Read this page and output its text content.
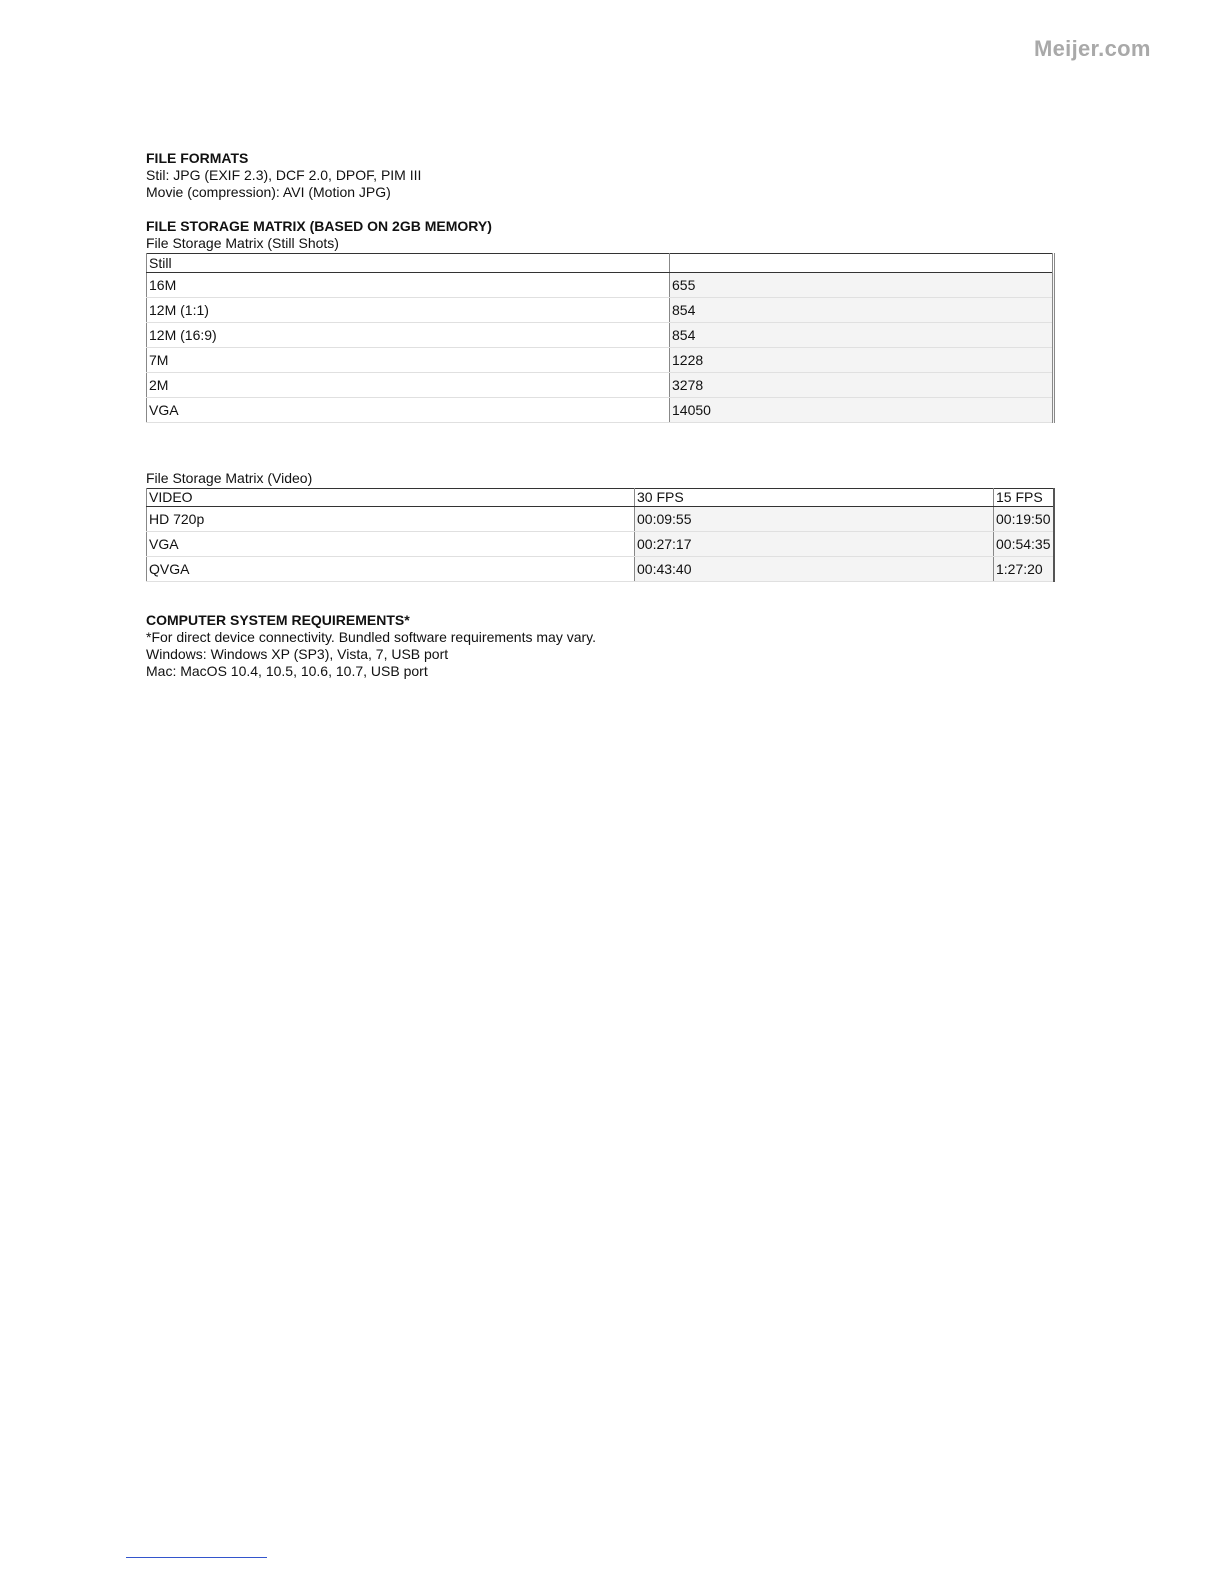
Meijer.com
FILE FORMATS
Stil: JPG (EXIF 2.3), DCF 2.0, DPOF, PIM III
Movie (compression): AVI (Motion JPG)
FILE STORAGE MATRIX (BASED ON 2GB MEMORY)
File Storage Matrix (Still Shots)
Still	
16M	655
12M (1:1)	854
12M (16:9)	854
7M	1228
2M	3278
VGA	14050
File Storage Matrix (Video)
VIDEO	30 FPS	15 FPS
HD 720p	00:09:55	00:19:50
VGA	00:27:17	00:54:35
QVGA	00:43:40	1:27:20
COMPUTER SYSTEM REQUIREMENTS*
*For direct device connectivity. Bundled software requirements may vary.
Windows: Windows XP (SP3), Vista, 7, USB port
Mac: MacOS 10.4, 10.5, 10.6, 10.7, USB port
